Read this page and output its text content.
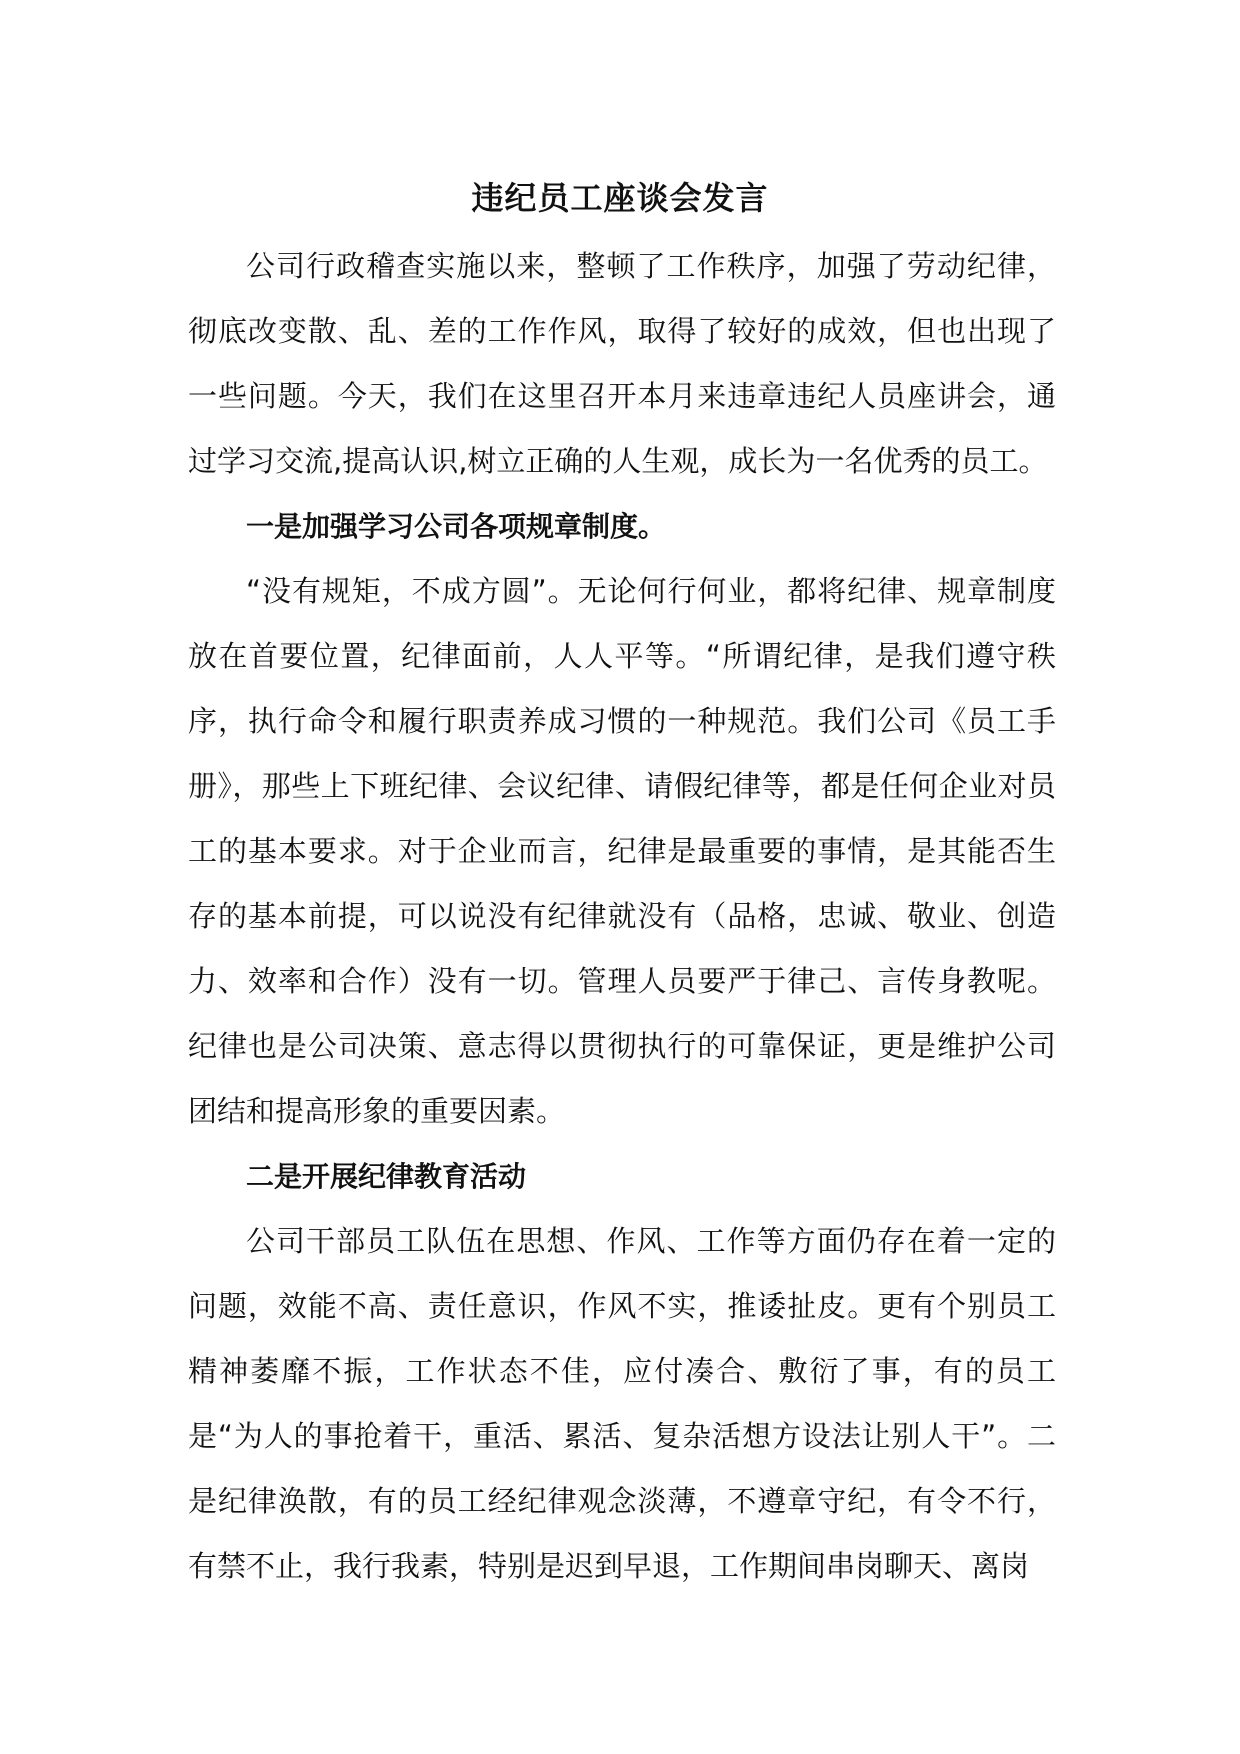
违纪员工座谈会发言

公司行政稽查实施以来，整顿了工作秩序，加强了劳动纪律，彻底改变散、乱、差的工作作风，取得了较好的成效，但也出现了一些问题。今天，我们在这里召开本月来违章违纪人员座讲会，通过学习交流,提高认识,树立正确的人生观，成长为一名优秀的员工。

一是加强学习公司各项规章制度。

“没有规矩，不成方圆”。无论何行何业，都将纪律、规章制度放在首要位置，纪律面前，人人平等。“所谓纪律，是我们遵守秩序，执行命令和履行职责养成习惯的一种规范。我们公司《员工手册》，那些上下班纪律、会议纪律、请假纪律等，都是任何企业对员工的基本要求。对于企业而言，纪律是最重要的事情，是其能否生存的基本前提，可以说没有纪律就没有（品格，忠诚、敬业、创造力、效率和合作）没有一切。管理人员要严于律己、言传身教呢。纪律也是公司决策、意志得以贯彻执行的可靠保证，更是维护公司团结和提高形象的重要因素。

二是开展纪律教育活动

公司干部员工队伍在思想、作风、工作等方面仍存在着一定的问题，效能不高、责任意识，作风不实，推诿扯皮。更有个别员工精神萎靡不振，工作状态不佳，应付凑合、敷衍了事，有的员工是“为人的事抢着干，重活、累活、复杂活想方设法让别人干”。二是纪律涣散，有的员工经纪律观念淡薄，不遵章守纪，有令不行，有禁不止，我行我素，特别是迟到早退，工作期间串岗聊天、离岗
